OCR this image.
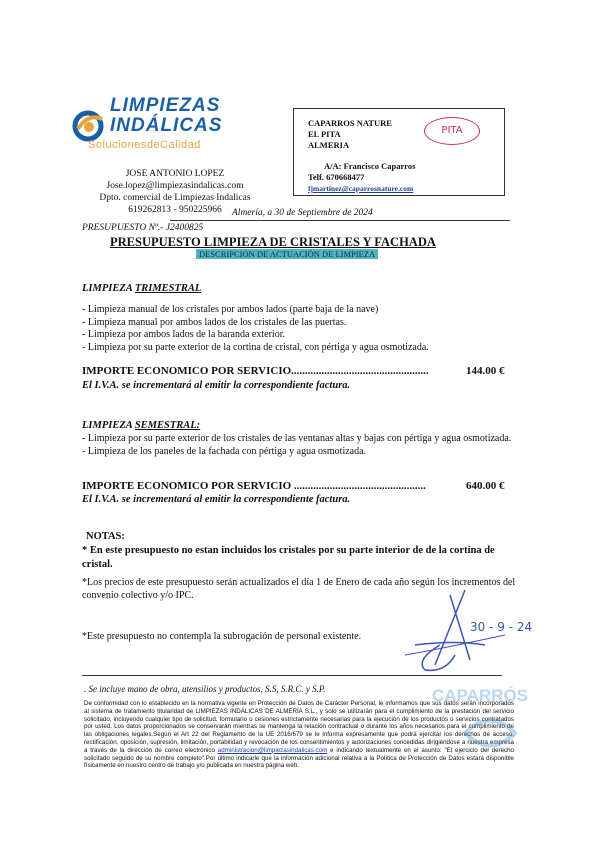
LIMPIEZAS
INDÁLICAS
SolucionesdeCalidad
JOSE ANTONIO LOPEZ
Jose.lopez@limpiezasindalicas.com
Dpto. comercial de Limpiezas Indalicas
619262813 - 950225966
CAPARROS NATURE
EL PITA
ALMERIA
A/A: Francisco Caparros
Telf. 670668477
fjmartinez@caparrosnature.com
PITA
Almería, a 30 de Septiembre de 2024
PRESUPUESTO Nº.- J2400825
PRESUPUESTO LIMPIEZA DE CRISTALES Y FACHADA
DESCRIPCION DE ACTUACIÓN DE LIMPIEZA
LIMPIEZA TRIMESTRAL
- Limpieza manual de los cristales por ambos lados (parte baja de la nave)
- Limpieza manual por ambos lados de los cristales de las puertas.
- Limpieza por ambos lados de la baranda exterior.
- Limpieza por su parte exterior de la cortina de cristal, con pértiga y agua osmotizada.
IMPORTE ECONOMICO POR SERVICIO..................................................	144.00 €
El I.V.A. se incrementará al emitir la correspondiente factura.
LIMPIEZA SEMESTRAL:
- Limpieza por su parte exterior de los cristales de las ventanas altas y bajas con pértiga y agua osmotizada.
- Limpieza de los paneles de la fachada con pértiga y agua osmotizada.
IMPORTE ECONOMICO POR SERVICIO ................................................	640.00 €
El I.V.A. se incrementará al emitir la correspondiente factura.
NOTAS:
* En este presupuesto no estan incluidos los cristales por su parte interior de de la cortina de cristal.
*Los precios de este presupuesto serán actualizados el día 1 de Enero de cada año según los incrementos del convenio colectivo y/o IPC.
*Este presupuesto no contempla la subrogación de personal existente.
30 - 9 - 24
. Se incluye mano de obra, utensilios y productos, S.S, S.R.C. y S.P.
De conformidad con lo establecido en la normativa vigente en Protección de Datos de Carácter Personal, le informamos que sus datos serán incorporados al sistema de tratamiento titularidad de LIMPIEZAS INDÁLICAS DE ALMERÍA S.L., y solo se utilizarán para el cumplimiento de la prestación del servicio solicitado, incluyendo cualquier tipo de solicitud, formulario o cesiones estrictamente necesarias para la ejecución de los productos o servicios contratados por usted. Los datos proporcionados se conservarán mientras se mantenga la relación contractual o durante los años necesarios para el cumplimiento de las obligaciones legales.Según el Art 22 del Reglamento de la UE 2016/679 se le informa expresamente que podrá ejercitar los derechos de acceso, rectificación, oposición, supresión, limitación, portabilidad y revocación de los consentimientos y autorizaciones concedidas dirigiéndose a nuestra empresa a través de la dirección de correo electrónico administracion@limpiezasindalicas.com e indicando textualmente en el asunto: "El ejercicio del derecho solicitado seguido de su nombre completo".Por último indicarle que la información adicional relativa a la Política de Protección de Datos estará disponible físicamente en nuestro centro de trabajo y/o publicada en nuestra página web.
CAPARRÓS
